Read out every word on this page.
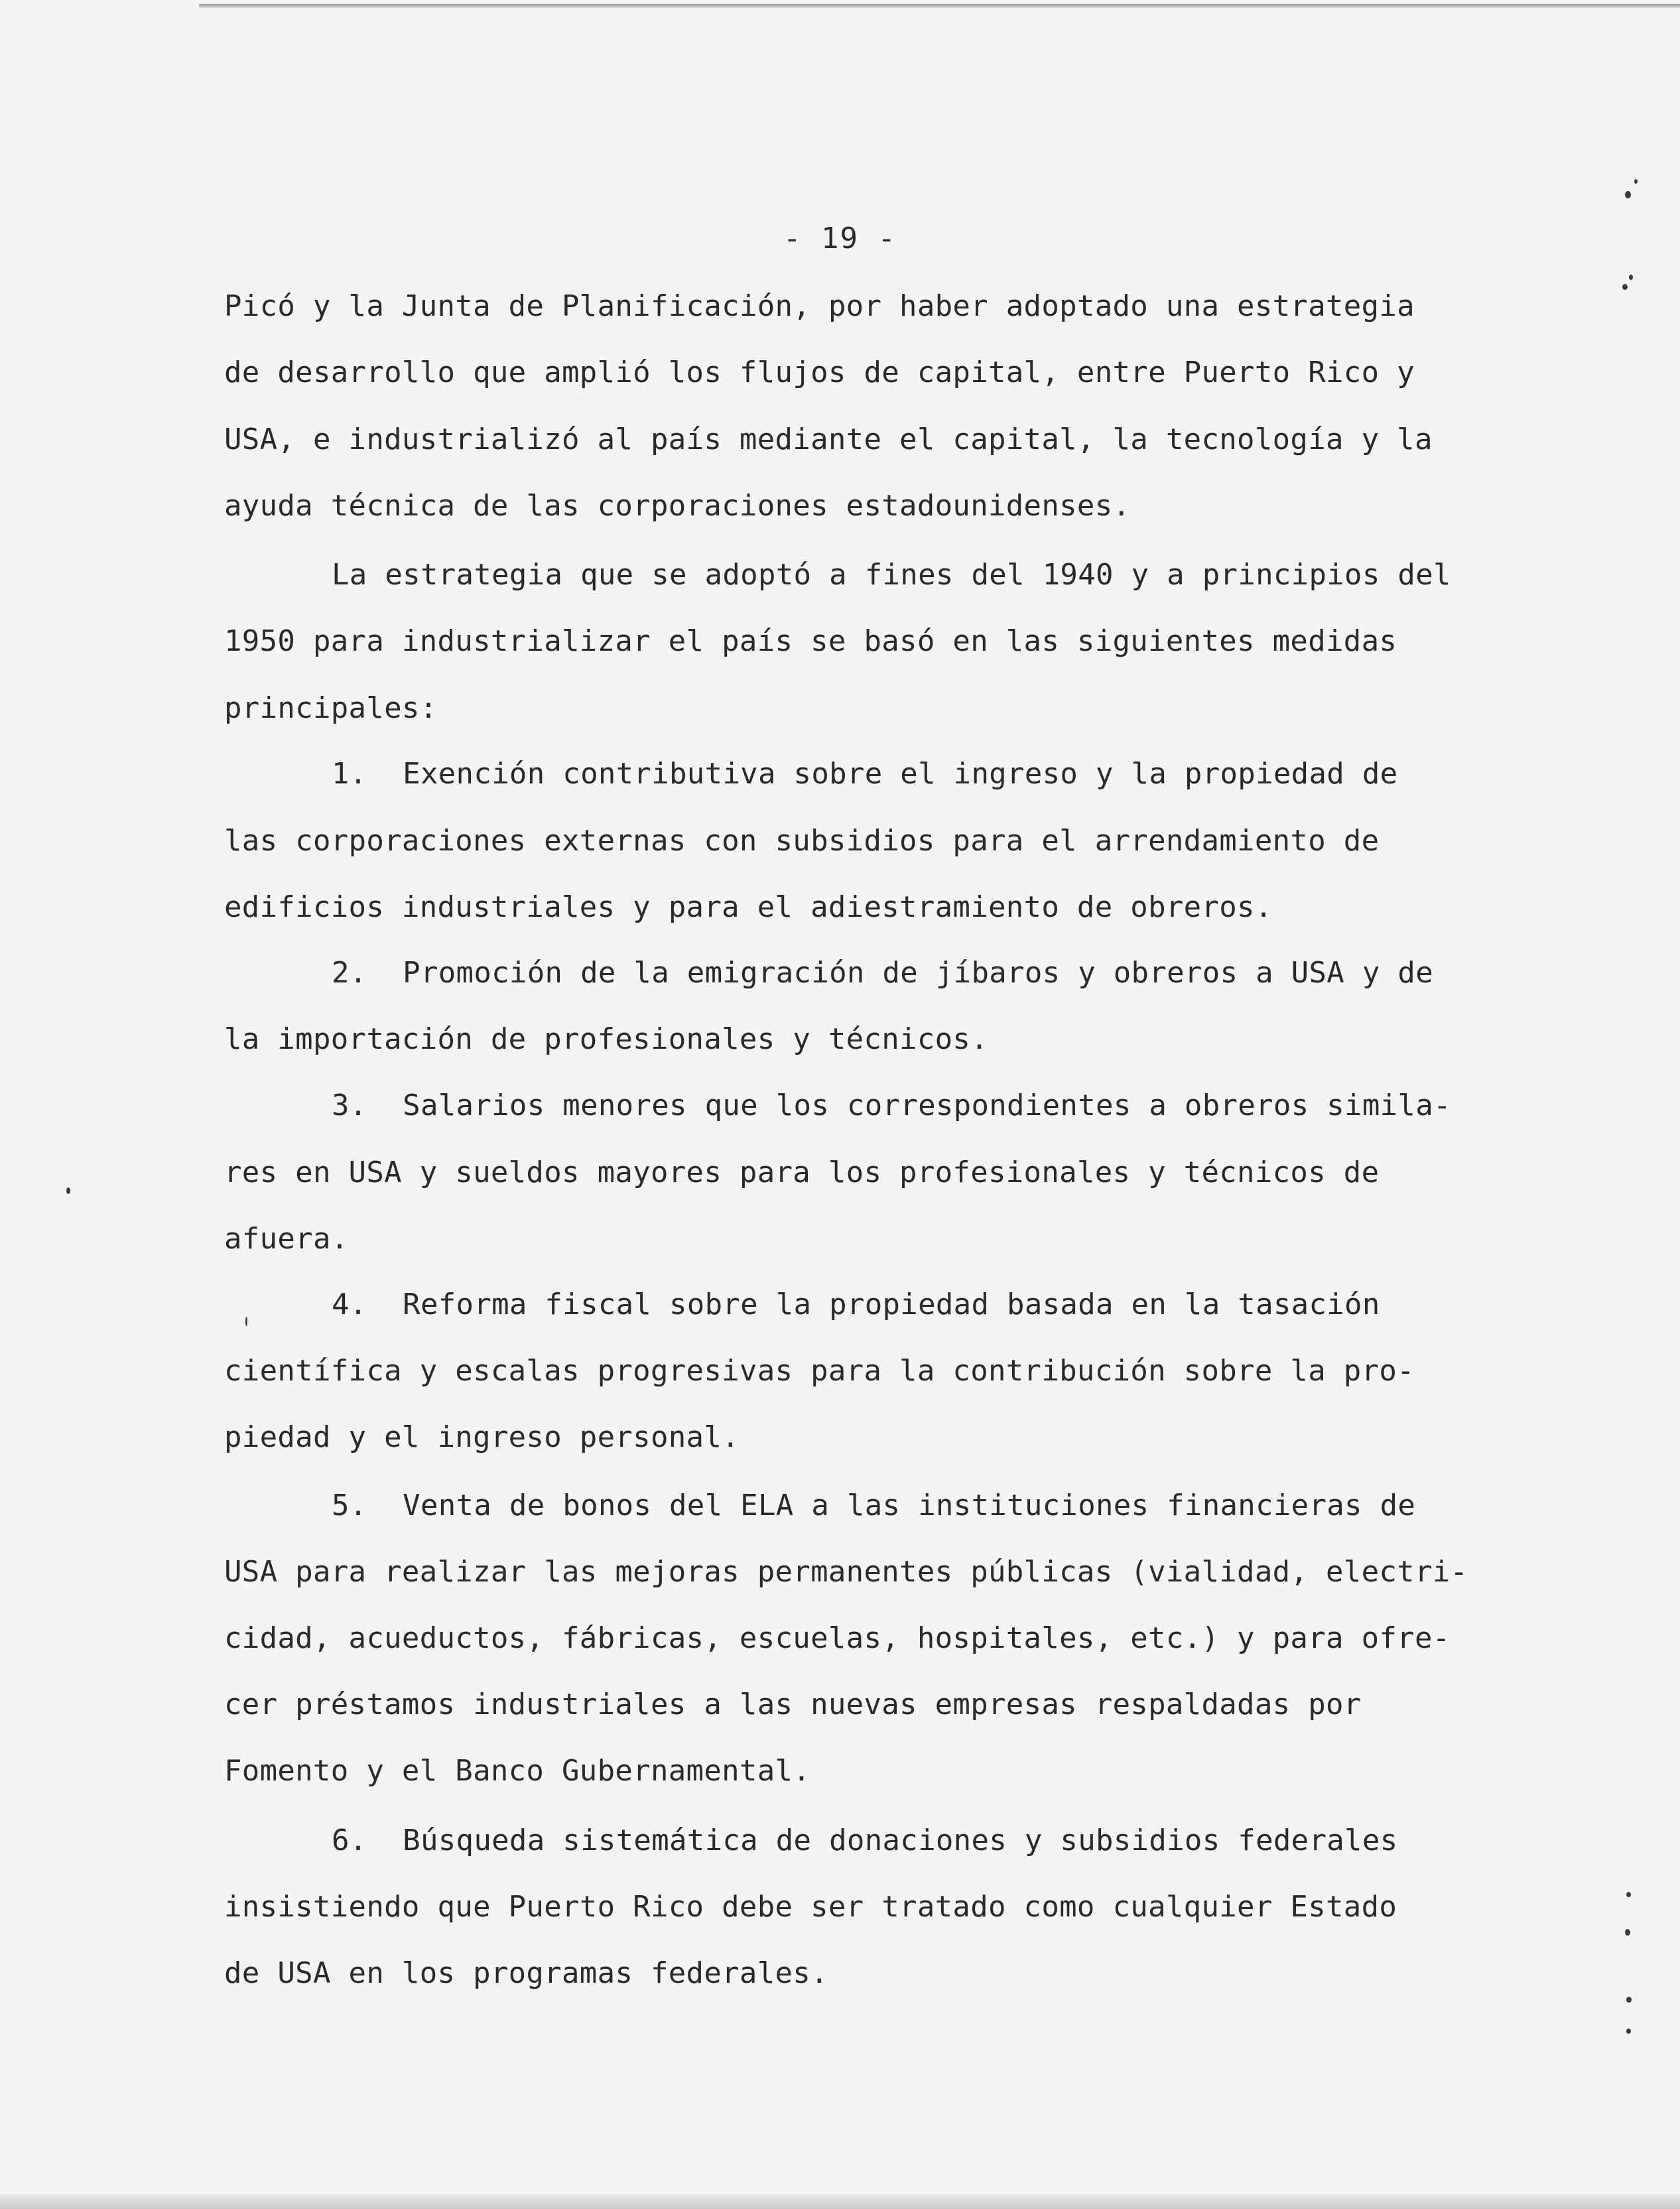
- 19 -
Picó y la Junta de Planificación, por haber adoptado una estrategia
de desarrollo que amplió los flujos de capital, entre Puerto Rico y
USA, e industrializó al país mediante el capital, la tecnología y la
ayuda técnica de las corporaciones estadounidenses.
La estrategia que se adoptó a fines del 1940 y a principios del
1950 para industrializar el país se basó en las siguientes medidas
principales:
1.  Exención contributiva sobre el ingreso y la propiedad de
las corporaciones externas con subsidios para el arrendamiento de
edificios industriales y para el adiestramiento de obreros.
2.  Promoción de la emigración de jíbaros y obreros a USA y de
la importación de profesionales y técnicos.
3.  Salarios menores que los correspondientes a obreros simila-
res en USA y sueldos mayores para los profesionales y técnicos de
afuera.
4.  Reforma fiscal sobre la propiedad basada en la tasación
científica y escalas progresivas para la contribución sobre la pro-
piedad y el ingreso personal.
5.  Venta de bonos del ELA a las instituciones financieras de
USA para realizar las mejoras permanentes públicas (vialidad, electri-
cidad, acueductos, fábricas, escuelas, hospitales, etc.) y para ofre-
cer préstamos industriales a las nuevas empresas respaldadas por
Fomento y el Banco Gubernamental.
6.  Búsqueda sistemática de donaciones y subsidios federales
insistiendo que Puerto Rico debe ser tratado como cualquier Estado
de USA en los programas federales.
